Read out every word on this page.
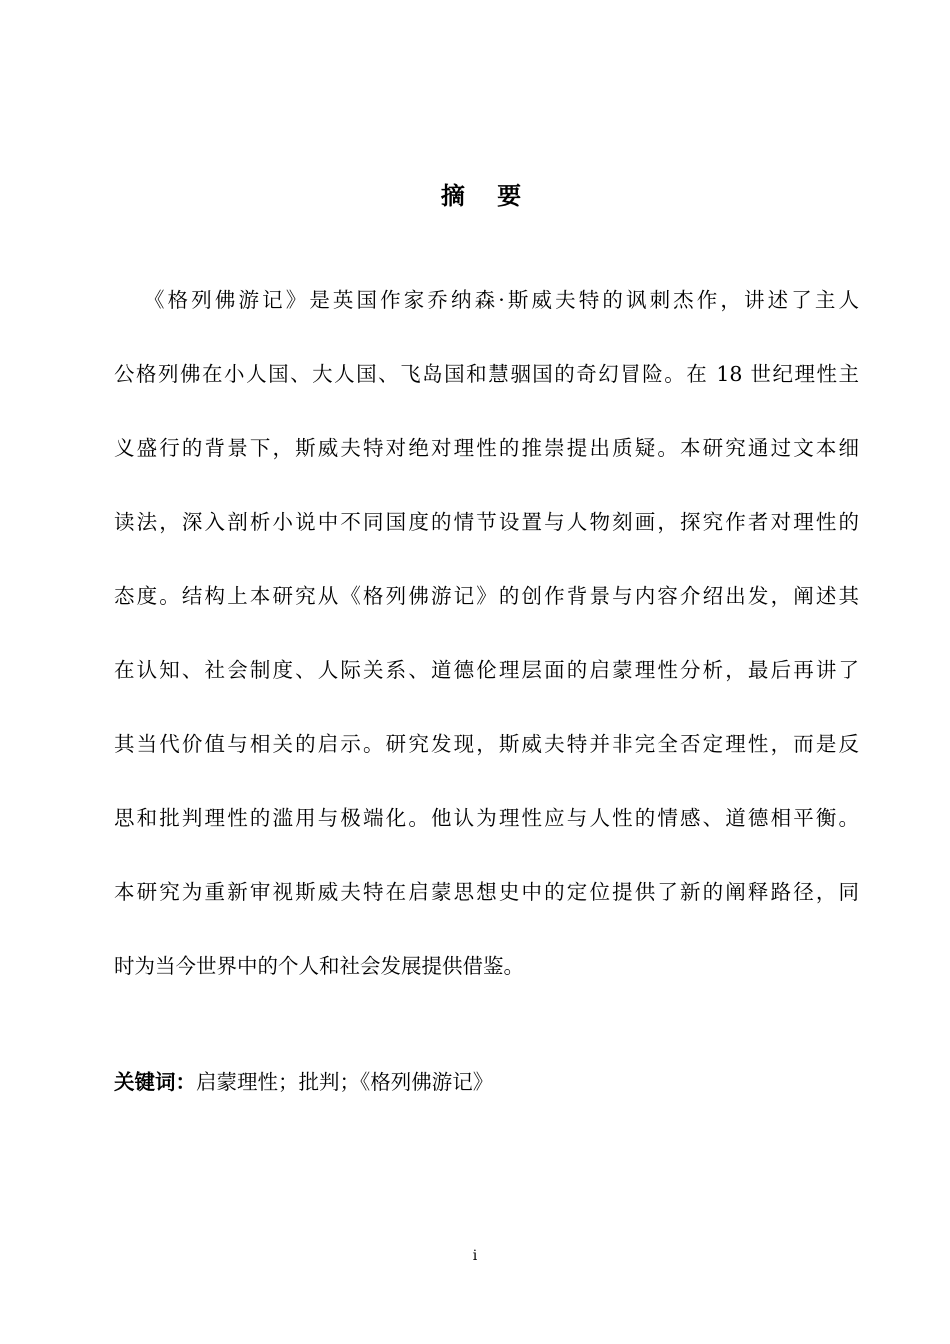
摘 要
《格列佛游记》是英国作家乔纳森·斯威夫特的讽刺杰作，讲述了主人
公格列佛在小人国、大人国、飞岛国和慧骃国的奇幻冒险。在 18 世纪理性主
义盛行的背景下，斯威夫特对绝对理性的推崇提出质疑。本研究通过文本细
读法，深入剖析小说中不同国度的情节设置与人物刻画，探究作者对理性的
态度。结构上本研究从《格列佛游记》的创作背景与内容介绍出发，阐述其
在认知、社会制度、人际关系、道德伦理层面的启蒙理性分析，最后再讲了
其当代价值与相关的启示。研究发现，斯威夫特并非完全否定理性，而是反
思和批判理性的滥用与极端化。他认为理性应与人性的情感、道德相平衡。
本研究为重新审视斯威夫特在启蒙思想史中的定位提供了新的阐释路径，同
时为当今世界中的个人和社会发展提供借鉴。
关键词：启蒙理性；批判；《格列佛游记》
i
